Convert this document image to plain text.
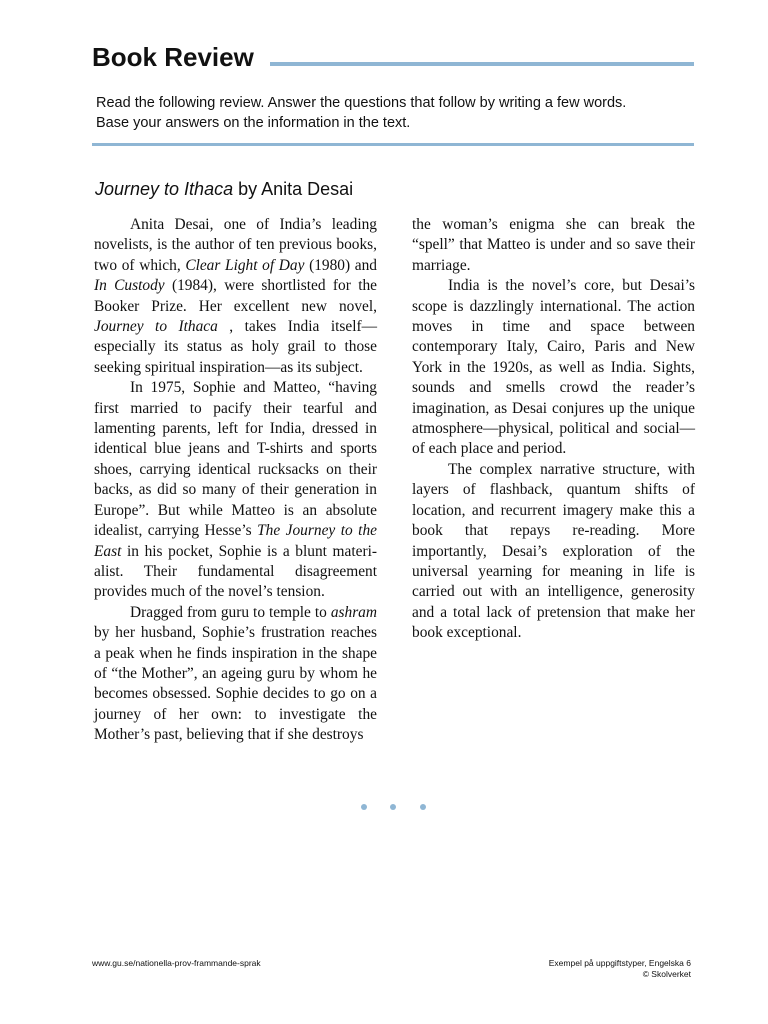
Book Review

Read the following review. Answer the questions that follow by writing a few words.

Base your answers on the information in the text.

Journey to Ithaca by Anita Desai

Anita Desai, one of India’s leading novelists, is the author of ten previous books, two of which, Clear Light of Day (1980) and In Custody (1984), were shortlisted for the Booker Prize. Her excellent new novel, Journey to Ithaca , takes India itself—especially its status as holy grail to those seeking spiritual inspiration—as its subject.

In 1975, Sophie and Matteo, “having first married to pacify their tearful and lamenting parents, left for India, dressed in identical blue jeans and T-shirts and sports shoes, carrying identical rucksacks on their backs, as did so many of their generation in Europe”. But while Matteo is an absolute idealist, carrying Hesse’s The Journey to the East in his pocket, Sophie is a blunt materialist. Their fundamental disagreement provides much of the novel’s tension.

Dragged from guru to temple to ashram by her husband, Sophie’s frustration reaches a peak when he finds inspiration in the shape of “the Mother”, an ageing guru by whom he becomes obsessed. Sophie decides to go on a journey of her own: to investigate the Mother’s past, believing that if she destroys

the woman’s enigma she can break the “spell” that Matteo is under and so save their marriage.

India is the novel’s core, but Desai’s scope is dazzlingly international. The action moves in time and space between contemporary Italy, Cairo, Paris and New York in the 1920s, as well as India. Sights, sounds and smells crowd the reader’s imagination, as Desai conjures up the unique atmosphere—physical, political and social—of each place and period.

The complex narrative structure, with layers of flashback, quantum shifts of location, and recurrent imagery make this a book that repays re-reading. More importantly, Desai’s exploration of the universal yearning for meaning in life is carried out with an intelligence, generosity and a total lack of pretension that make her book exceptional.

www.gu.se/nationella-prov-frammande-sprak	Exempel på uppgiftstyper, Engelska 6
© Skolverket
